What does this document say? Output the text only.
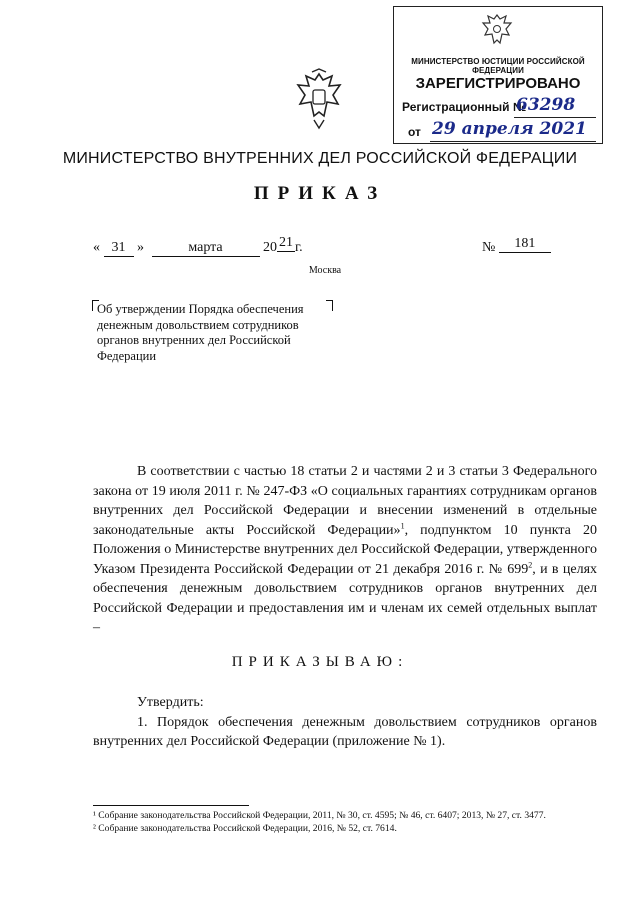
МИНИСТЕРСТВО ЮСТИЦИИ РОССИЙСКОЙ ФЕДЕРАЦИИ
ЗАРЕГИСТРИРОВАНО
Регистрационный №
63298
от 29 апреля 2021
МИНИСТЕРСТВО ВНУТРЕННИХ ДЕЛ РОССИЙСКОЙ ФЕДЕРАЦИИ
ПРИКАЗ
« 31 »	марта	20 21 г.	№ 181
Москва
Об утверждении Порядка обеспечения
денежным довольствием сотрудников
органов внутренних дел Российской
Федерации

В соответствии с частью 18 статьи 2 и частями 2 и 3 статьи 3 Федерального закона от 19 июля 2011 г. № 247-ФЗ «О социальных гарантиях сотрудникам органов внутренних дел Российской Федерации и внесении изменений в отдельные законодательные акты Российской Федерации»$^1$, подпунктом 10 пункта 20 Положения о Министерстве внутренних дел Российской Федерации, утвержденного Указом Президента Российской Федерации от 21 декабря 2016 г. № $699^2$, и в целях обеспечения денежным довольствием сотрудников органов внутренних дел Российской Федерации и предоставления им и членам их семей отдельных выплат –

ПРИКАЗЫВАЮ:

Утвердить:

1. Порядок обеспечения денежным довольствием сотрудников органов внутренних дел Российской Федерации (приложение № 1).

¹ Собрание законодательства Российской Федерации, 2011, № 30, ст. 4595; № 46, ст. 6407; 2013, № 27, ст. 3477.

² Собрание законодательства Российской Федерации, 2016, № 52, ст. 7614.
